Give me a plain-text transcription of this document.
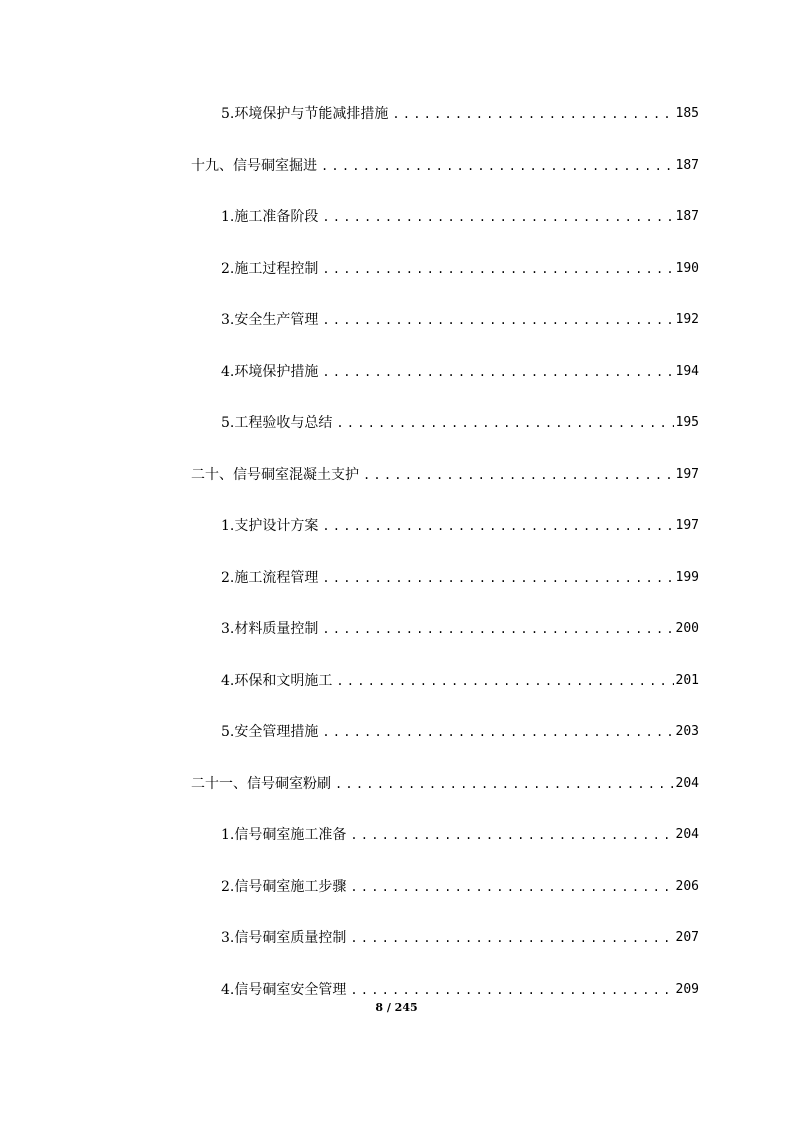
5.环境保护与节能减排措施 .....	185
十九、信号硐室掘进 .....	187
1.施工准备阶段 .....	187
2.施工过程控制 .....	190
3.安全生产管理 .....	192
4.环境保护措施 .....	194
5.工程验收与总结 .....	195
二十、信号硐室混凝土支护 .....	197
1.支护设计方案 .....	197
2.施工流程管理 .....	199
3.材料质量控制 .....	200
4.环保和文明施工 .....	201
5.安全管理措施 .....	203
二十一、信号硐室粉刷 .....	204
1.信号硐室施工准备 .....	204
2.信号硐室施工步骤 .....	206
3.信号硐室质量控制 .....	207
4.信号硐室安全管理 .....	209
8 / 245
